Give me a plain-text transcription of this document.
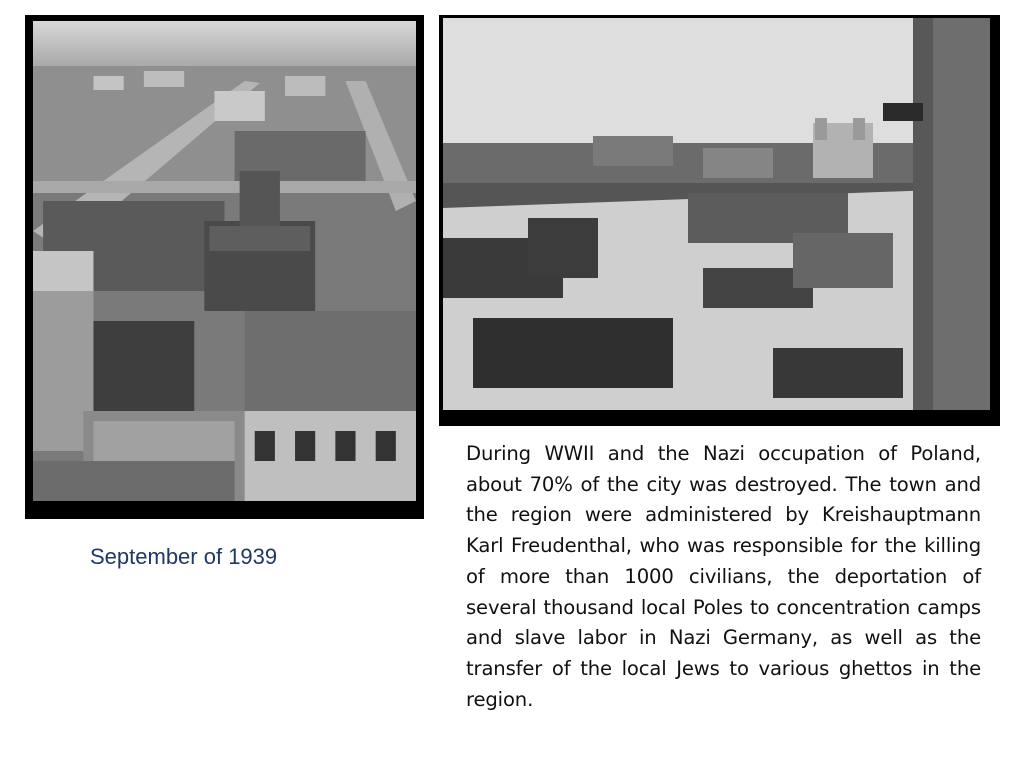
September of 1939
During WWII and the Nazi occupation of Poland, about 70% of the city was destroyed. The town and the region were administered by Kreishauptmann Karl Freudenthal, who was responsible for the killing of more than 1000 civilians, the deportation of several thousand local Poles to concentration camps and slave labor in Nazi Germany, as well as the transfer of the local Jews to various ghettos in the region.
